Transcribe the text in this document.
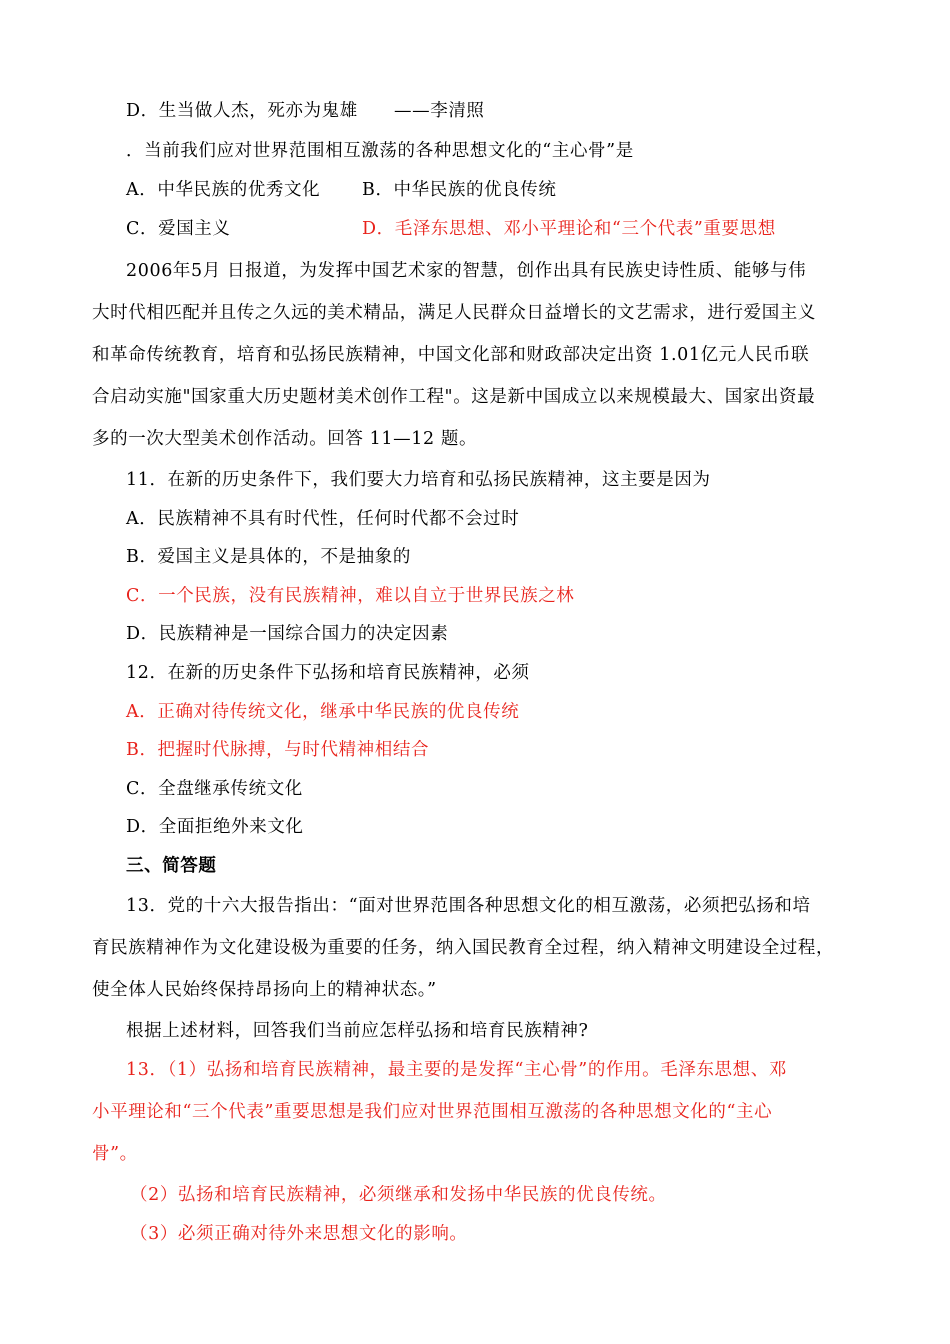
D．生当做人杰，死亦为鬼雄　　——李清照
．当前我们应对世界范围相互激荡的各种思想文化的“主心骨”是
A．中华民族的优秀文化 B．中华民族的优良传统
C．爱国主义	D．毛泽东思想、邓小平理论和“三个代表”重要思想
2006年5月 日报道，为发挥中国艺术家的智慧，创作出具有民族史诗性质、能够与伟
大时代相匹配并且传之久远的美术精品，满足人民群众日益增长的文艺需求，进行爱国主义
和革命传统教育，培育和弘扬民族精神，中国文化部和财政部决定出资 1.01亿元人民币联
合启动实施"国家重大历史题材美术创作工程"。这是新中国成立以来规模最大、国家出资最
多的一次大型美术创作活动。回答 11—12 题。
11．在新的历史条件下，我们要大力培育和弘扬民族精神，这主要是因为
A．民族精神不具有时代性，任何时代都不会过时
B．爱国主义是具体的，不是抽象的
C．一个民族，没有民族精神，难以自立于世界民族之林
D．民族精神是一国综合国力的决定因素
12．在新的历史条件下弘扬和培育民族精神，必须
A．正确对待传统文化，继承中华民族的优良传统
B．把握时代脉搏，与时代精神相结合
C．全盘继承传统文化
D．全面拒绝外来文化
三、简答题
13．党的十六大报告指出：“面对世界范围各种思想文化的相互激荡，必须把弘扬和培
育民族精神作为文化建设极为重要的任务，纳入国民教育全过程，纳入精神文明建设全过程，
使全体人民始终保持昂扬向上的精神状态。”
根据上述材料，回答我们当前应怎样弘扬和培育民族精神?
13．（1）弘扬和培育民族精神，最主要的是发挥“主心骨”的作用。毛泽东思想、邓
小平理论和“三个代表”重要思想是我们应对世界范围相互激荡的各种思想文化的“主心
骨”。
（2）弘扬和培育民族精神，必须继承和发扬中华民族的优良传统。
（3）必须正确对待外来思想文化的影响。
